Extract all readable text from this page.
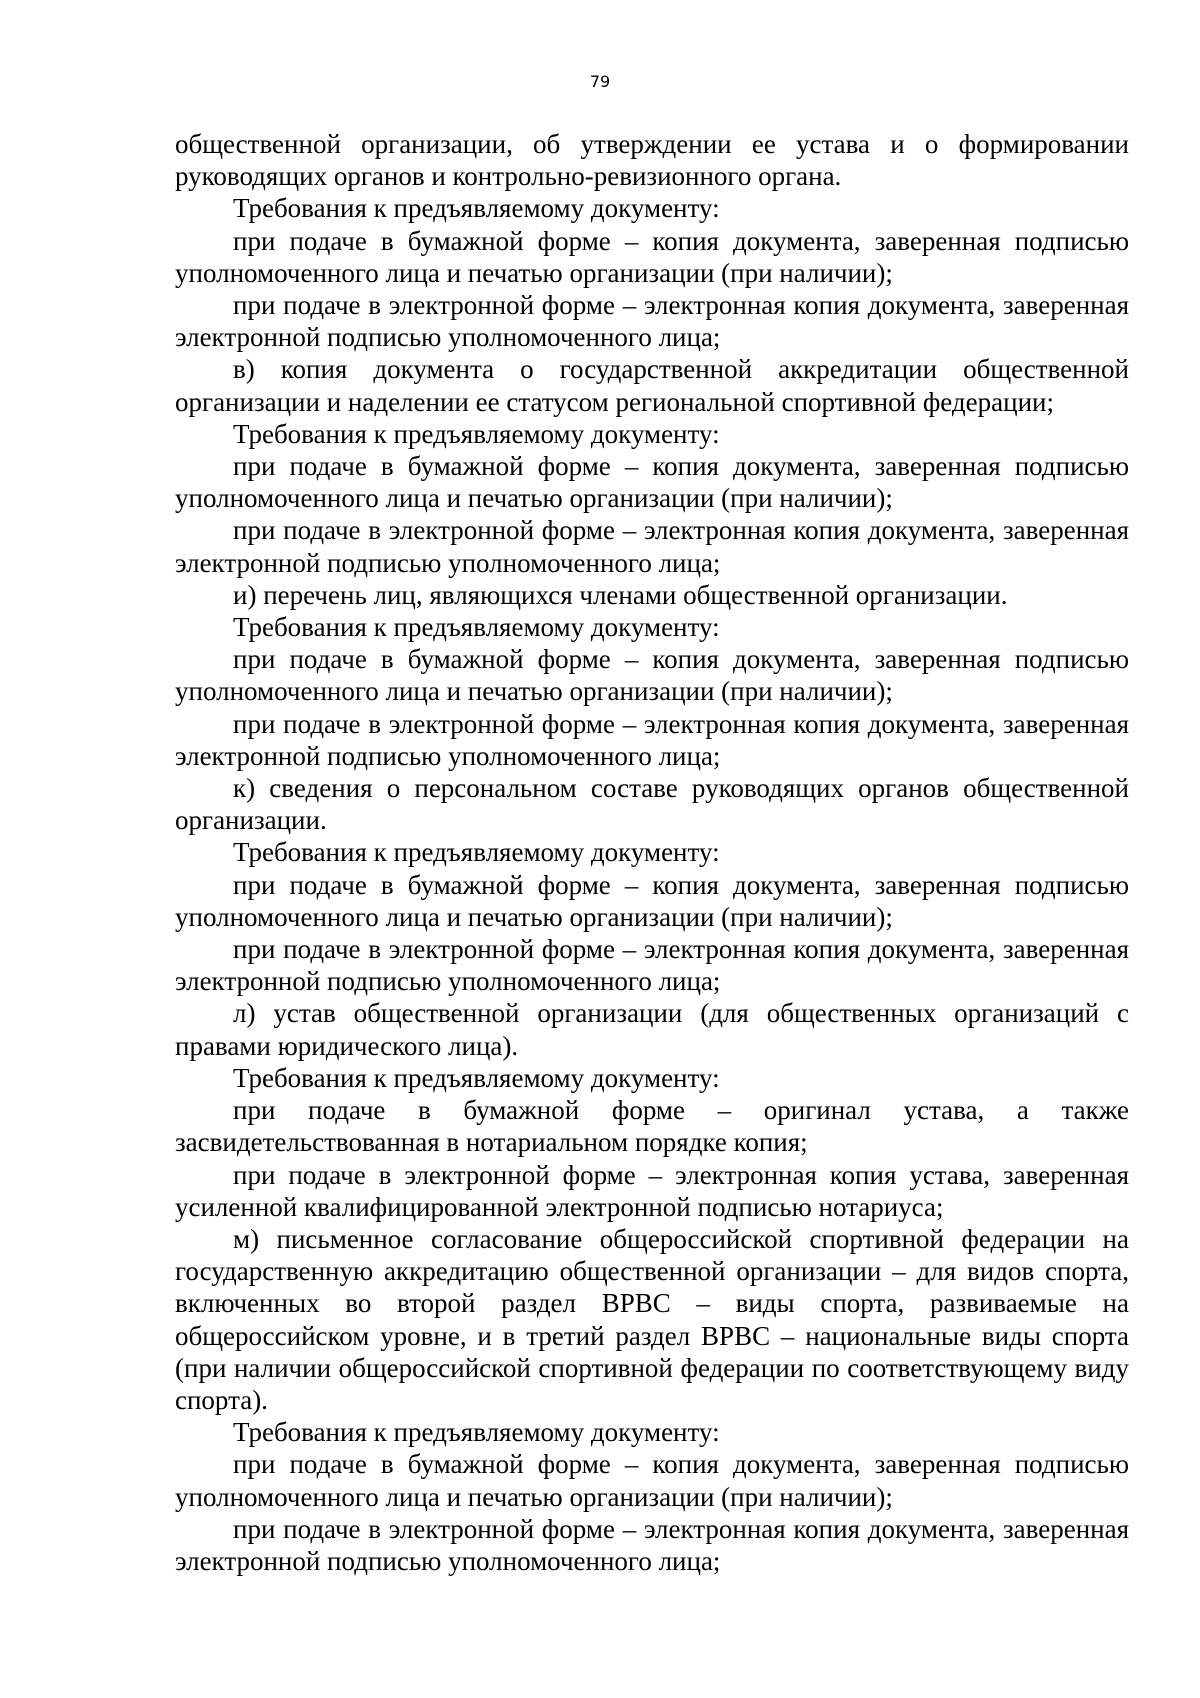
79

общественной организации, об утверждении ее устава и о формировании руководящих органов и контрольно-ревизионного органа.

Требования к предъявляемому документу:

при подаче в бумажной форме – копия документа, заверенная подписью уполномоченного лица и печатью организации (при наличии);

при подаче в электронной форме – электронная копия документа, заверенная электронной подписью уполномоченного лица;

в) копия документа о государственной аккредитации общественной организации и наделении ее статусом региональной спортивной федерации;

Требования к предъявляемому документу:

при подаче в бумажной форме – копия документа, заверенная подписью уполномоченного лица и печатью организации (при наличии);

при подаче в электронной форме – электронная копия документа, заверенная электронной подписью уполномоченного лица;

и) перечень лиц, являющихся членами общественной организации.

Требования к предъявляемому документу:

при подаче в бумажной форме – копия документа, заверенная подписью уполномоченного лица и печатью организации (при наличии);

при подаче в электронной форме – электронная копия документа, заверенная электронной подписью уполномоченного лица;

к) сведения о персональном составе руководящих органов общественной организации.

Требования к предъявляемому документу:

при подаче в бумажной форме – копия документа, заверенная подписью уполномоченного лица и печатью организации (при наличии);

при подаче в электронной форме – электронная копия документа, заверенная электронной подписью уполномоченного лица;

л) устав общественной организации (для общественных организаций с правами юридического лица).

Требования к предъявляемому документу:

при подаче в бумажной форме – оригинал устава, а также засвидетельствованная в нотариальном порядке копия;

при подаче в электронной форме – электронная копия устава, заверенная усиленной квалифицированной электронной подписью нотариуса;

м) письменное согласование общероссийской спортивной федерации на государственную аккредитацию общественной организации – для видов спорта, включенных во второй раздел ВРВС – виды спорта, развиваемые на общероссийском уровне, и в третий раздел ВРВС – национальные виды спорта (при наличии общероссийской спортивной федерации по соответствующему виду спорта).

Требования к предъявляемому документу:

при подаче в бумажной форме – копия документа, заверенная подписью уполномоченного лица и печатью организации (при наличии);

при подаче в электронной форме – электронная копия документа, заверенная электронной подписью уполномоченного лица;
